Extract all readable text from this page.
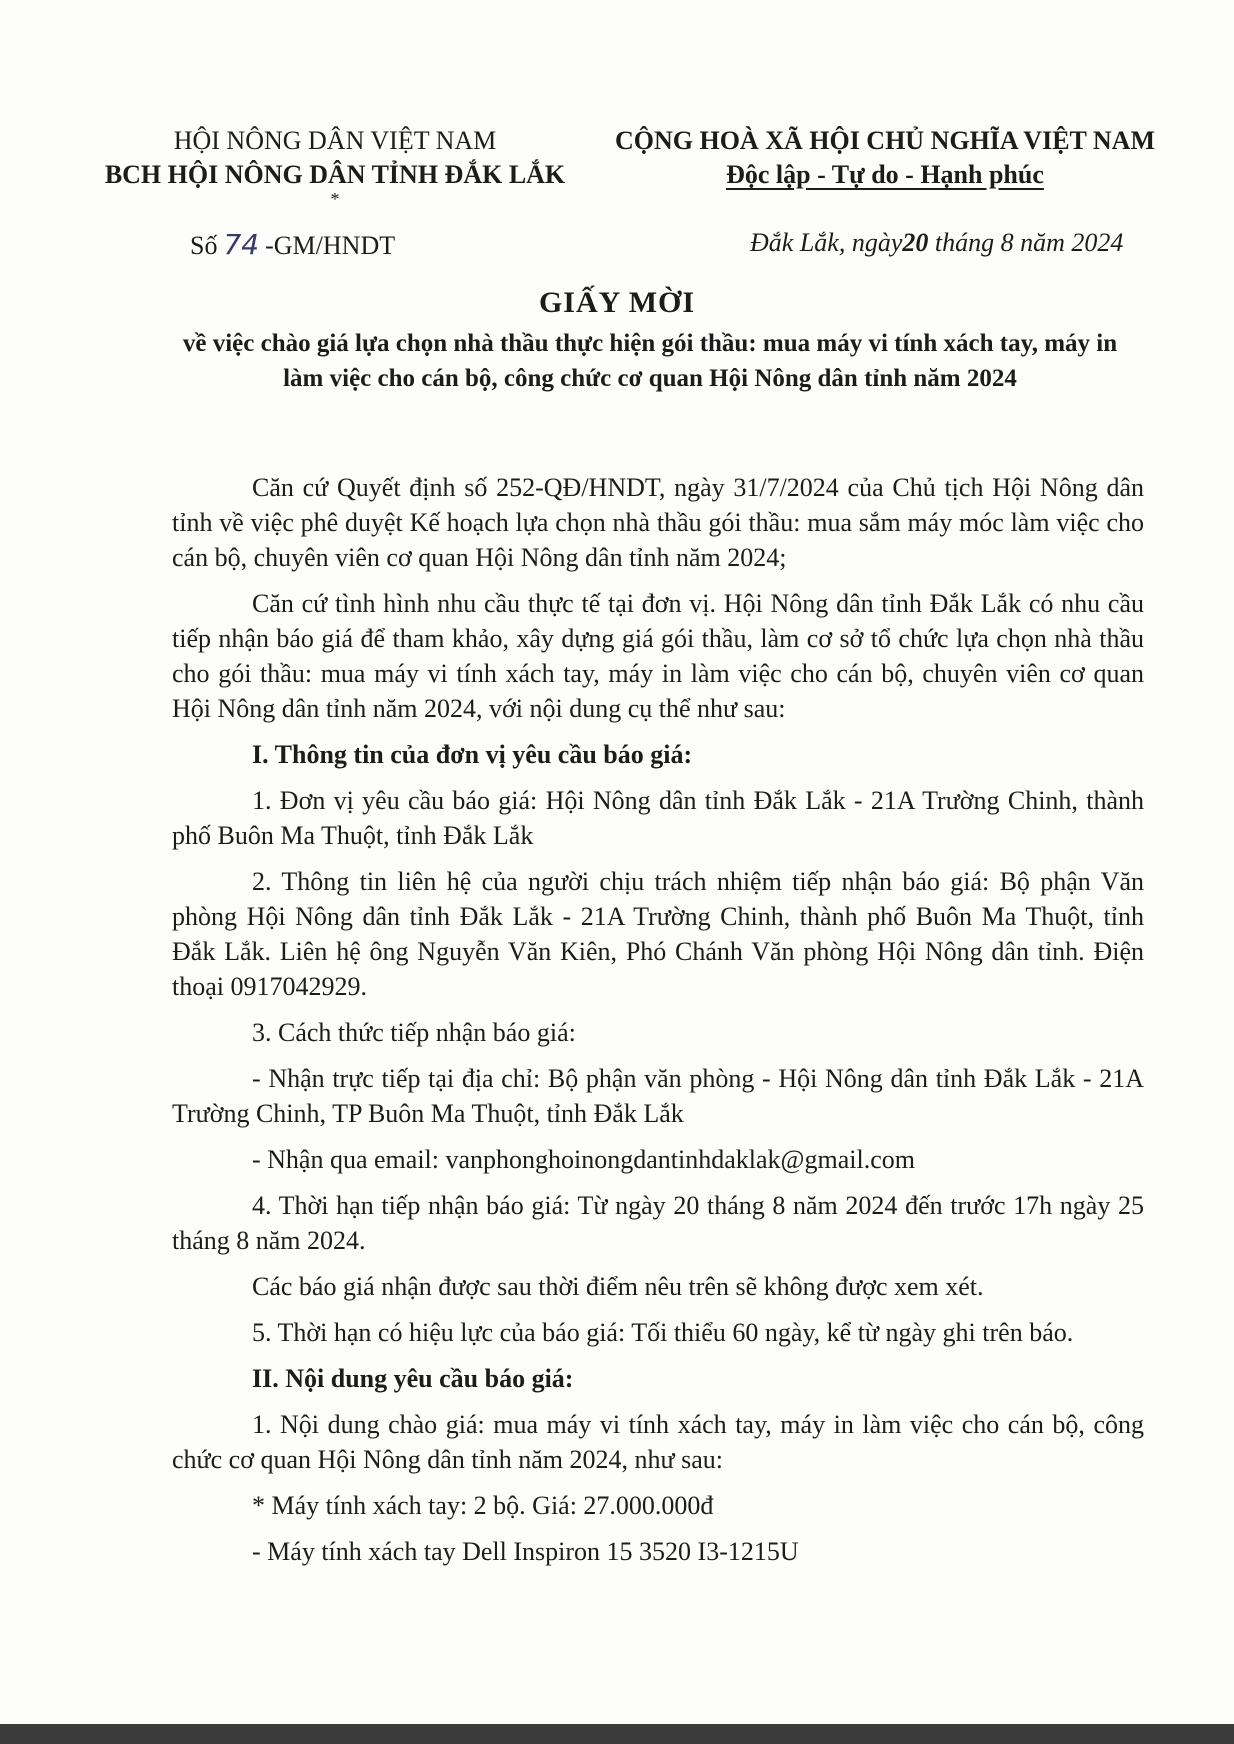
HỘI NÔNG DÂN VIỆT NAM
BCH HỘI NÔNG DÂN TỈNH ĐẮK LẮK
*
CỘNG HOÀ XÃ HỘI CHỦ NGHĨA VIỆT NAM
Độc lập - Tự do - Hạnh phúc
Số 74 -GM/HNDT	Đắk Lắk, ngày20 tháng 8 năm 2024
GIẤY MỜI
về việc chào giá lựa chọn nhà thầu thực hiện gói thầu: mua máy vi tính xách tay, máy in làm việc cho cán bộ, công chức cơ quan Hội Nông dân tỉnh năm 2024

Căn cứ Quyết định số 252-QĐ/HNDT, ngày 31/7/2024 của Chủ tịch Hội Nông dân tỉnh về việc phê duyệt Kế hoạch lựa chọn nhà thầu gói thầu: mua sắm máy móc làm việc cho cán bộ, chuyên viên cơ quan Hội Nông dân tỉnh năm 2024;

Căn cứ tình hình nhu cầu thực tế tại đơn vị. Hội Nông dân tỉnh Đắk Lắk có nhu cầu tiếp nhận báo giá để tham khảo, xây dựng giá gói thầu, làm cơ sở tổ chức lựa chọn nhà thầu cho gói thầu: mua máy vi tính xách tay, máy in làm việc cho cán bộ, chuyên viên cơ quan Hội Nông dân tỉnh năm 2024, với nội dung cụ thể như sau:

I. Thông tin của đơn vị yêu cầu báo giá:

1. Đơn vị yêu cầu báo giá: Hội Nông dân tỉnh Đắk Lắk - 21A Trường Chinh, thành phố Buôn Ma Thuột, tỉnh Đắk Lắk

2. Thông tin liên hệ của người chịu trách nhiệm tiếp nhận báo giá: Bộ phận Văn phòng Hội Nông dân tỉnh Đắk Lắk - 21A Trường Chinh, thành phố Buôn Ma Thuột, tỉnh Đắk Lắk. Liên hệ ông Nguyễn Văn Kiên, Phó Chánh Văn phòng Hội Nông dân tỉnh. Điện thoại 0917042929.

3. Cách thức tiếp nhận báo giá:

- Nhận trực tiếp tại địa chỉ: Bộ phận văn phòng - Hội Nông dân tỉnh Đắk Lắk - 21A Trường Chinh, TP Buôn Ma Thuột, tỉnh Đắk Lắk

- Nhận qua email: vanphonghoinongdantinhdaklak@gmail.com

4. Thời hạn tiếp nhận báo giá: Từ ngày 20 tháng 8 năm 2024 đến trước 17h ngày 25 tháng 8 năm 2024.

Các báo giá nhận được sau thời điểm nêu trên sẽ không được xem xét.

5. Thời hạn có hiệu lực của báo giá: Tối thiểu 60 ngày, kể từ ngày ghi trên báo.

II. Nội dung yêu cầu báo giá:

1. Nội dung chào giá: mua máy vi tính xách tay, máy in làm việc cho cán bộ, công chức cơ quan Hội Nông dân tỉnh năm 2024, như sau:

* Máy tính xách tay: 2 bộ. Giá: 27.000.000đ

- Máy tính xách tay Dell Inspiron 15 3520 I3-1215U
